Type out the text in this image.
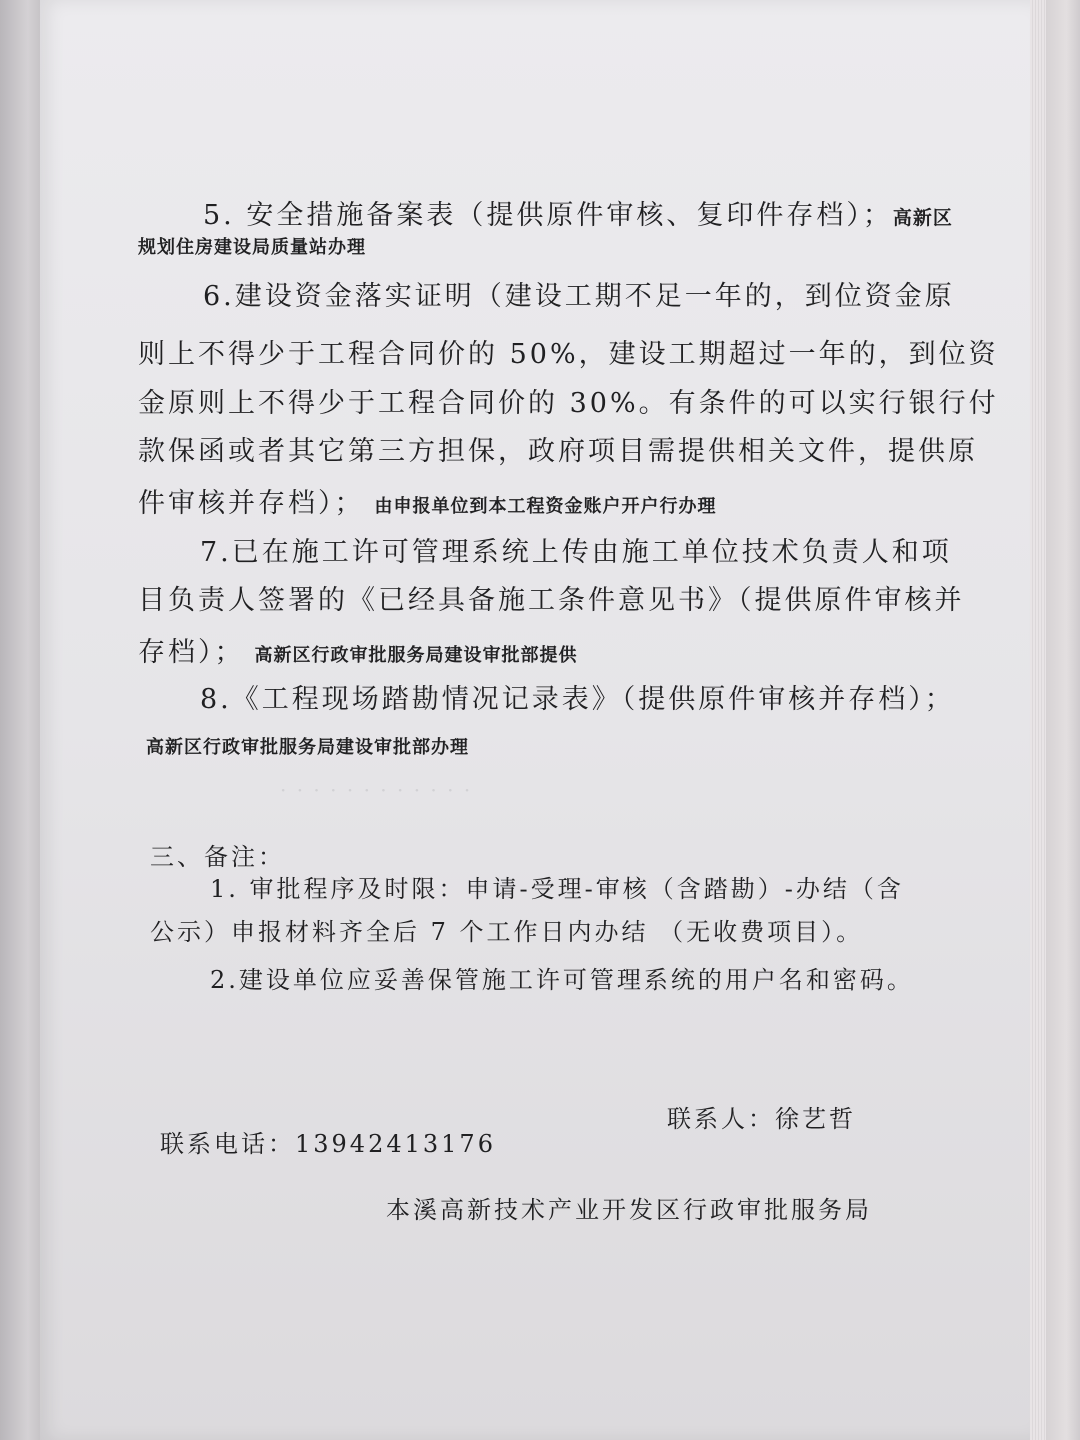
5. 安全措施备案表（提供原件审核、复印件存档）；高新区
规划住房建设局质量站办理
6.建设资金落实证明（建设工期不足一年的，到位资金原
则上不得少于工程合同价的 50%，建设工期超过一年的，到位资
金原则上不得少于工程合同价的 30%。有条件的可以实行银行付
款保函或者其它第三方担保，政府项目需提供相关文件，提供原
件审核并存档）； 由申报单位到本工程资金账户开户行办理
7.已在施工许可管理系统上传由施工单位技术负责人和项
目负责人签署的《已经具备施工条件意见书》（提供原件审核并
存档）； 高新区行政审批服务局建设审批部提供
8.《工程现场踏勘情况记录表》（提供原件审核并存档）；
高新区行政审批服务局建设审批部办理
· · · · · · · · · · · ·
三、备注：
1. 审批程序及时限：申请-受理-审核（含踏勘）-办结（含
公示）申报材料齐全后 7 个工作日内办结 （无收费项目）。
2.建设单位应妥善保管施工许可管理系统的用户名和密码。
联系人：徐艺哲
联系电话：13942413176
本溪高新技术产业开发区行政审批服务局
